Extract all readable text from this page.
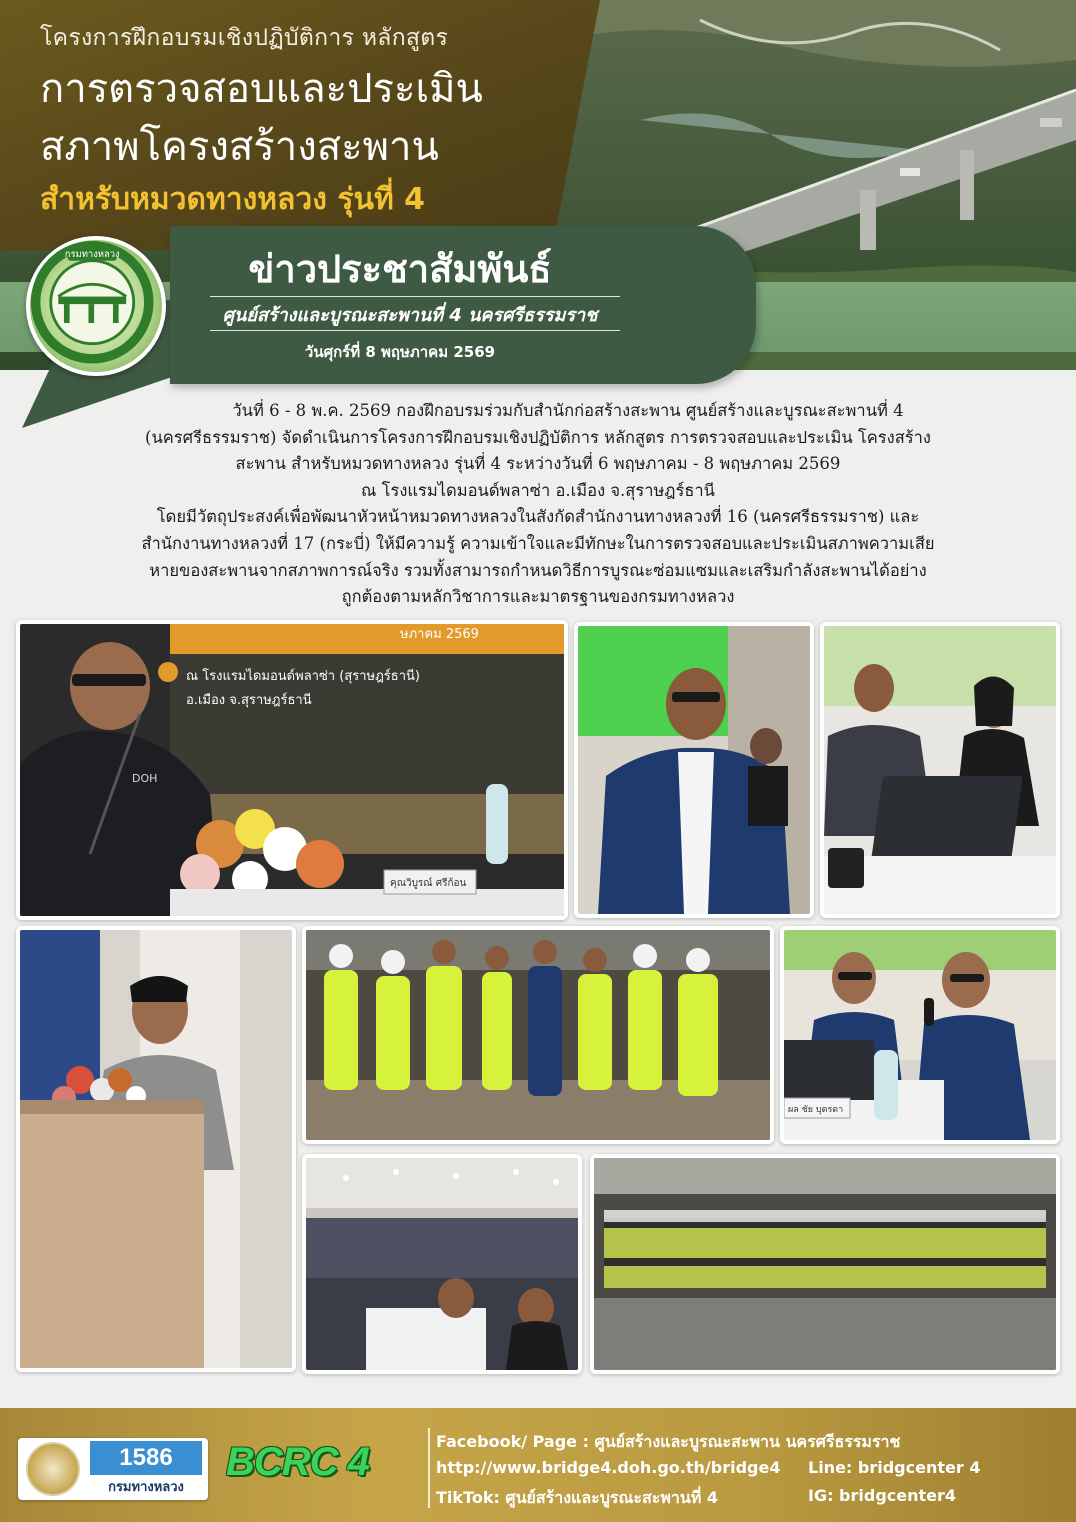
โครงการฝึกอบรมเชิงปฏิบัติการ หลักสูตร
การตรวจสอบและประเมิน
สภาพโครงสร้างสะพาน
สำหรับหมวดทางหลวง รุ่นที่ 4
ข่าวประชาสัมพันธ์
ศูนย์สร้างและบูรณะสะพานที่ 4 นครศรีธรรมราช
วันศุกร์ที่ 8 พฤษภาคม 2569
กรมทางหลวง

วันที่ 6 - 8 พ.ค. 2569 กองฝึกอบรมร่วมกับสำนักก่อสร้างสะพาน ศูนย์สร้างและบูรณะสะพานที่ 4

(นครศรีธรรมราช) จัดดำเนินการโครงการฝึกอบรมเชิงปฏิบัติการ หลักสูตร การตรวจสอบและประเมิน โครงสร้าง

สะพาน สำหรับหมวดทางหลวง รุ่นที่ 4 ระหว่างวันที่ 6 พฤษภาคม - 8 พฤษภาคม 2569

ณ โรงแรมไดมอนด์พลาซ่า อ.เมือง จ.สุราษฎร์ธานี

โดยมีวัตถุประสงค์เพื่อพัฒนาหัวหน้าหมวดทางหลวงในสังกัดสำนักงานทางหลวงที่ 16 (นครศรีธรรมราช) และ

สำนักงานทางหลวงที่ 17 (กระบี่) ให้มีความรู้ ความเข้าใจและมีทักษะในการตรวจสอบและประเมินสภาพความเสีย

หายของสะพานจากสภาพการณ์จริง รวมทั้งสามารถกำหนดวิธีการบูรณะซ่อมแซมและเสริมกำลังสะพานได้อย่าง

ถูกต้องตามหลักวิชาการและมาตรฐานของกรมทางหลวง

ณ โรงแรมไดมอนด์พลาซ่า (สุราษฎร์ธานี)
อ.เมือง จ.สุราษฎร์ธานี
ษภาคม 2569
DOH
คุณวิบูรณ์ ศรีก้อน
ผล ชัย บุตรดา
1586
กรมทางหลวง
BCRC 4	Facebook/ Page : ศูนย์สร้างและบูรณะสะพาน นครศรีธรรมราช
http://www.bridge4.doh.go.th/bridge4 Line: bridgcenter 4
TikTok: ศูนย์สร้างและบูรณะสะพานที่ 4	IG: bridgcenter4
